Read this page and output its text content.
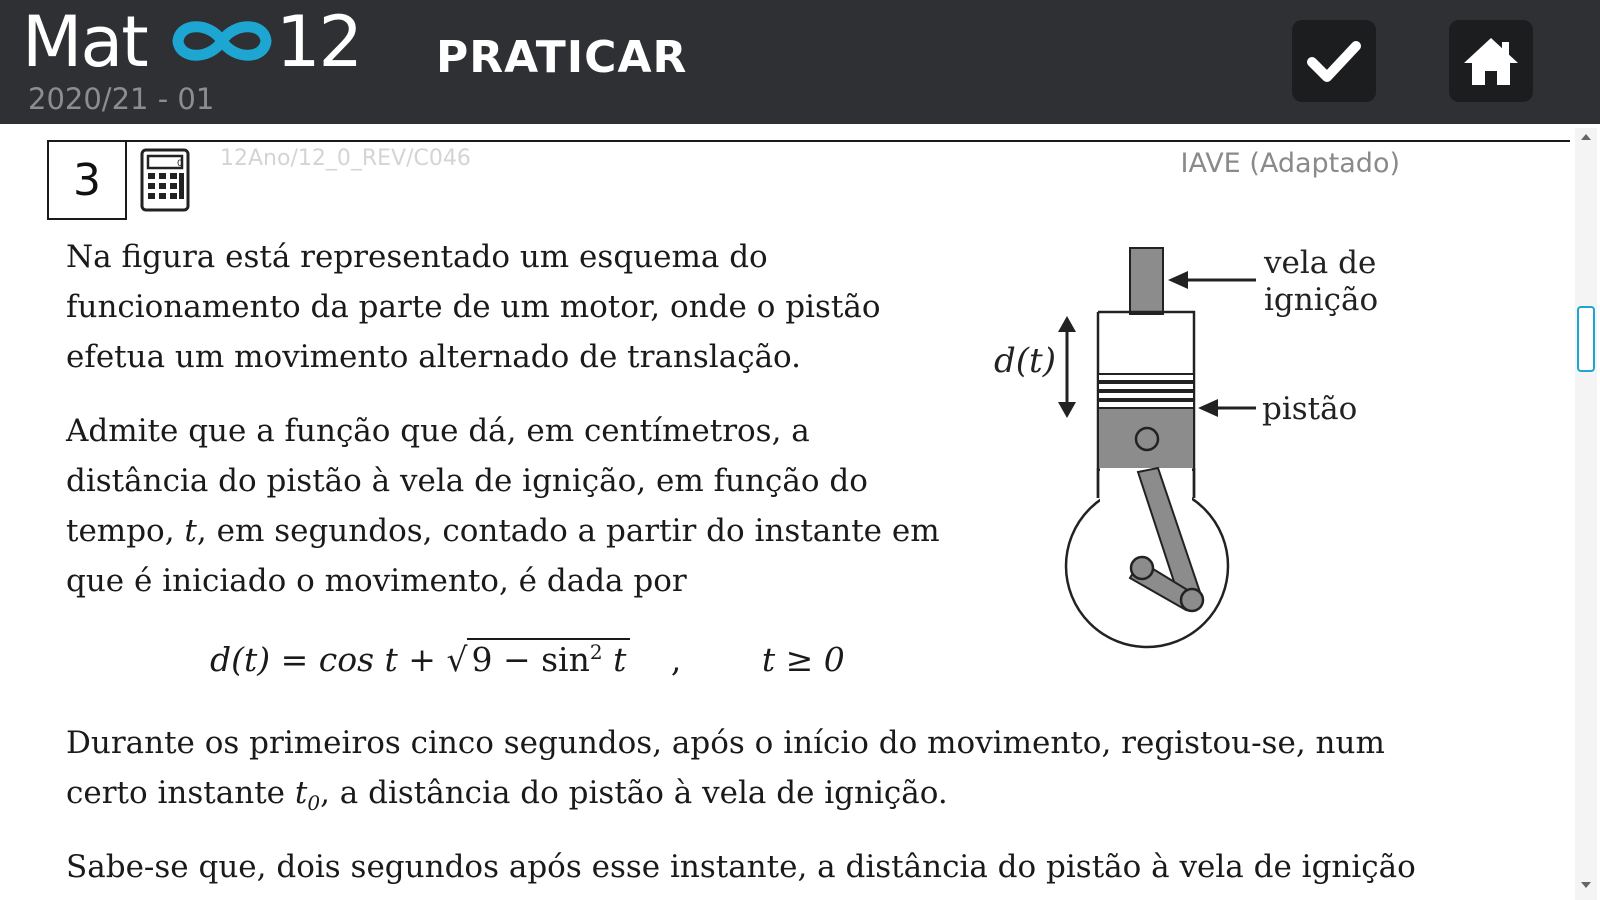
Mat 12
2020/21 - 01
PRATICAR
3	0 12Ano/12_0_REV/C046	IAVE (Adaptado)

Na figura está representado um esquema do funcionamento da parte de um motor, onde o pistão efetua um movimento alternado de translação.

Admite que a função que dá, em centímetros, a distância do pistão à vela de ignição, em função do tempo, t, em segundos, contado a partir do instante em que é iniciado o movimento, é dada por

d(t) = cos t + √ $9 - \sin^2 t$ , t ≥ 0

Durante os primeiros cinco segundos, após o início do movimento, registou-se, num certo instante $t_0$, a distância do pistão à vela de ignição.

Sabe-se que, dois segundos após esse instante, a distância do pistão à vela de ignição

d(t)
vela de
ignição
pistão
